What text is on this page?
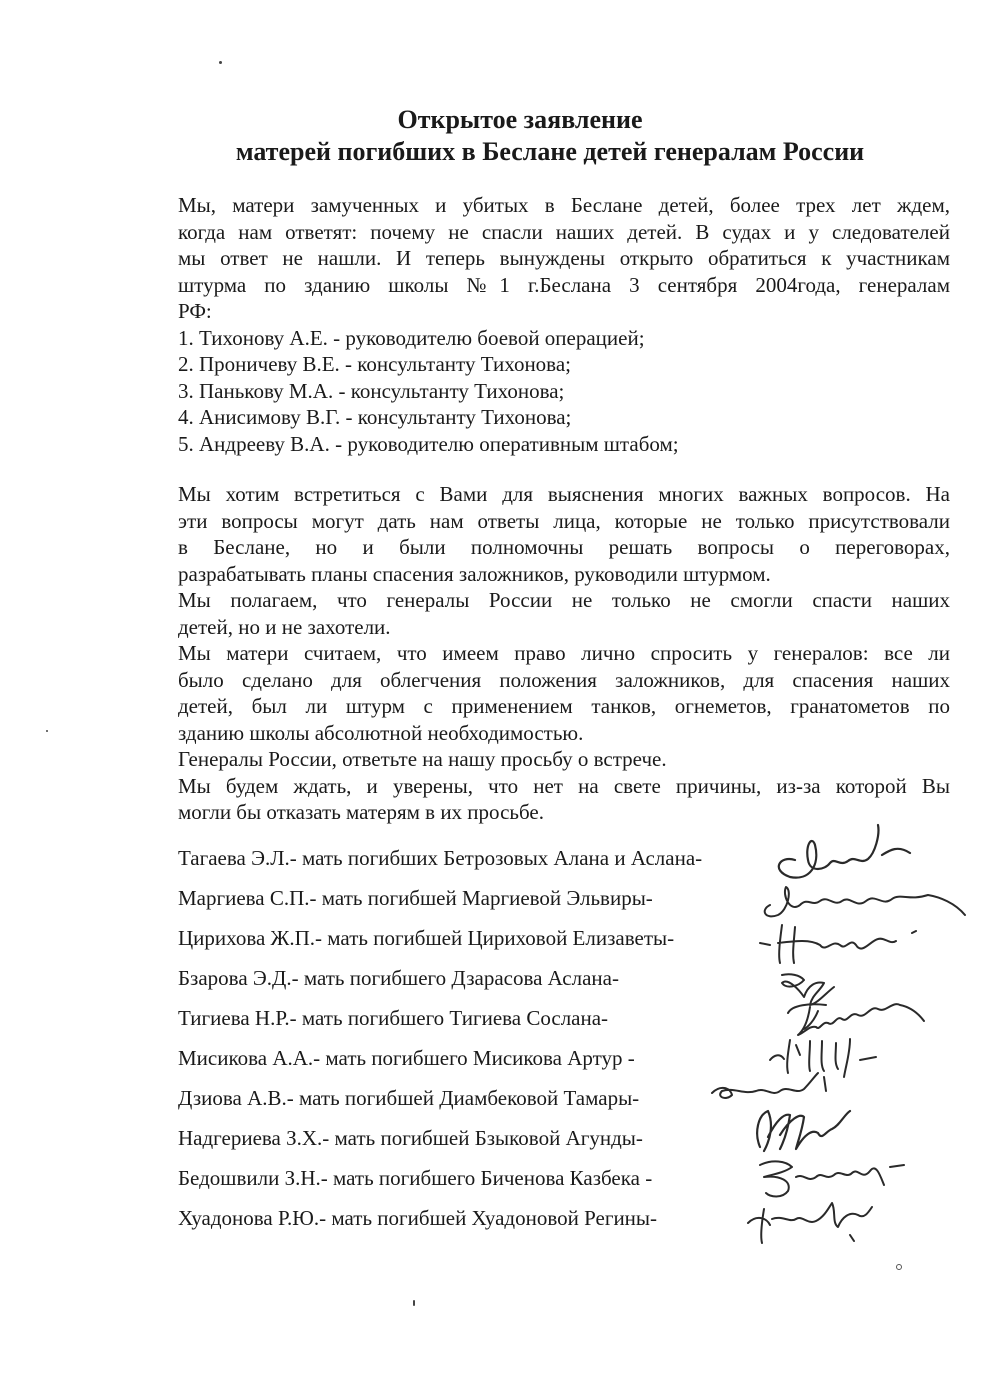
Открытое заявление
матерей погибших в Беслане детей генералам России
Мы, матери замученных и убитых в Беслане детей, более трех лет ждем,
когда нам ответят: почему не спасли наших детей. В судах и у следователей
мы ответ не нашли. И теперь вынуждены открыто обратиться к участникам
штурма по зданию школы №1 г.Беслана 3 сентября 2004года, генералам
РФ:
1. Тихонову А.Е. - руководителю боевой операцией;
2. Проничеву В.Е. - консультанту Тихонова;
3. Панькову М.А. - консультанту Тихонова;
4. Анисимову В.Г. - консультанту Тихонова;
5. Андрееву В.А. - руководителю оперативным штабом;
Мы хотим встретиться с Вами для выяснения многих важных вопросов. На
эти вопросы могут дать нам ответы лица, которые не только присутствовали
в Беслане, но и были полномочны решать вопросы о переговорах,
разрабатывать планы спасения заложников, руководили штурмом.
Мы полагаем, что генералы России не только не смогли спасти наших
детей, но и не захотели.
Мы матери считаем, что имеем право лично спросить у генералов: все ли
было сделано для облегчения положения заложников, для спасения наших
детей, был ли штурм с применением танков, огнеметов, гранатометов по
зданию школы абсолютной необходимостью.
Генералы России, ответьте на нашу просьбу о встрече.
Мы будем ждать, и уверены, что нет на свете причины, из-за которой Вы
могли бы отказать матерям в их просьбе.
Тагаева Э.Л.- мать погибших Бетрозовых Алана и Аслана-
Маргиева С.П.- мать погибшей Маргиевой Эльвиры-
Цирихова Ж.П.- мать погибшей Цириховой Елизаветы-
Бзарова Э.Д.- мать погибшего Дзарасова Аслана-
Тигиева Н.Р.- мать погибшего Тигиева Сослана-
Мисикова А.А.- мать погибшего Мисикова Артур -
Дзиова А.В.- мать погибшей Диамбековой Тамары-
Надгериева З.Х.- мать погибшей Бзыковой Агунды-
Бедошвили З.Н.- мать погибшего Биченова Казбека -
Хуадонова Р.Ю.- мать погибшей Хуадоновой Регины-
